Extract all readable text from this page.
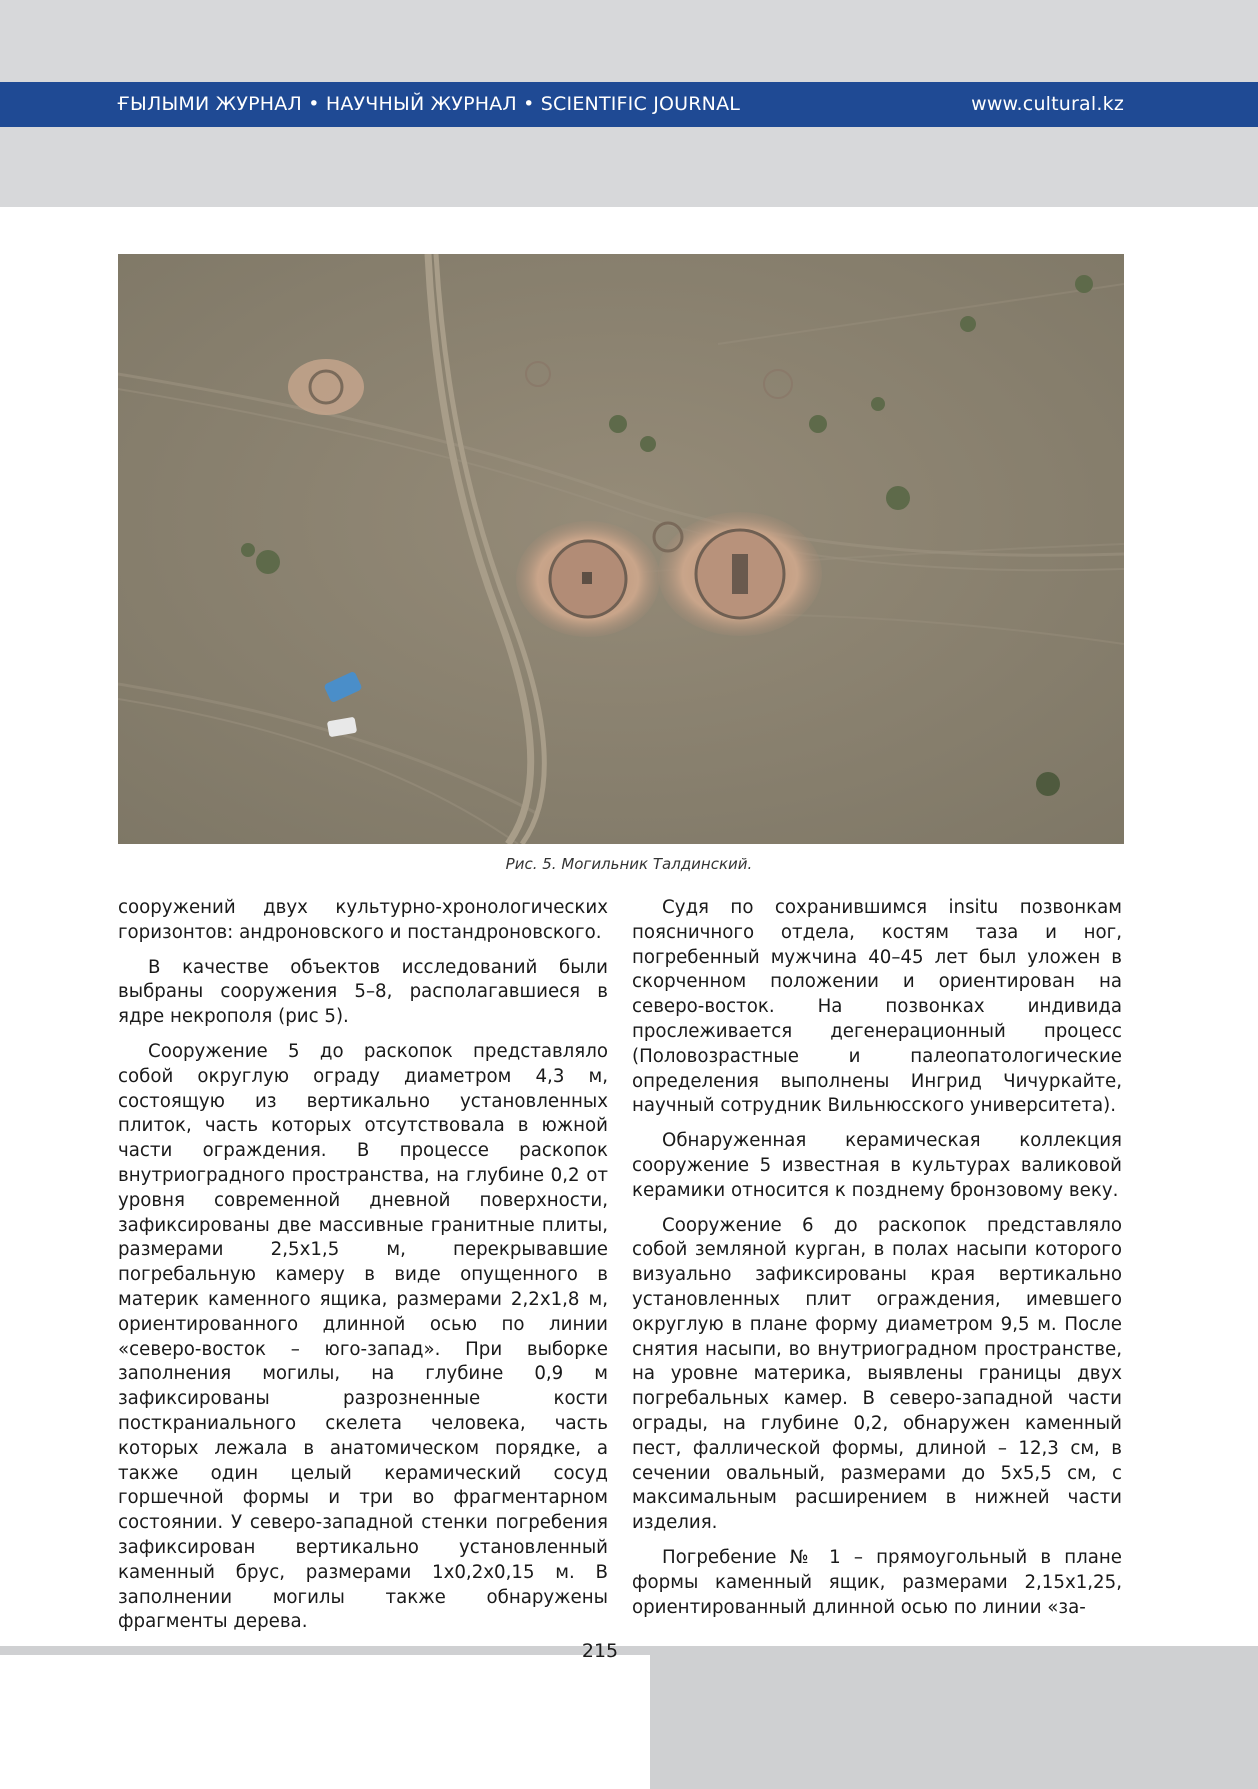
ҒЫЛЫМИ ЖУРНАЛ • НАУЧНЫЙ ЖУРНАЛ • SCIENTIFIC JOURNAL	www.cultural.kz
Рис. 5. Могильник Талдинский.

сооружений двух культурно-хронологических горизонтов: андроновского и постандроновского.

В качестве объектов исследований были выбраны сооружения 5–8, располагавшиеся в ядре некрополя (рис 5).

Сооружение 5 до раскопок представляло собой округлую ограду диаметром 4,3 м, состоящую из вертикально установленных плиток, часть которых отсутствовала в южной части ограждения. В процессе раскопок внутриоградного пространства, на глубине 0,2 от уровня современной дневной поверхности, зафиксированы две массивные гранитные плиты, размерами 2,5х1,5 м, перекрывавшие погребальную камеру в виде опущенного в материк каменного ящика, размерами 2,2х1,8 м, ориентированного длинной осью по линии «северо-восток – юго-запад». При выборке заполнения могилы, на глубине 0,9 м зафиксированы разрозненные кости посткраниального скелета человека, часть которых лежала в анатомическом порядке, а также один целый керамический сосуд горшечной формы и три во фрагментарном состоянии. У северо-западной стенки погребения зафиксирован вертикально установленный каменный брус, размерами 1х0,2х0,15 м. В заполнении могилы также обнаружены фрагменты дерева.

Судя по сохранившимся insitu позвонкам поясничного отдела, костям таза и ног, погребенный мужчина 40–45 лет был уложен в скорченном положении и ориентирован на северо-восток. На позвонках индивида прослеживается дегенерационный процесс (Половозрастные и палеопатологические определения выполнены Ингрид Чичуркайте, научный сотрудник Вильнюсского университета).

Обнаруженная керамическая коллекция сооружение 5 известная в культурах валиковой керамики относится к позднему бронзовому веку.

Сооружение 6 до раскопок представляло собой земляной курган, в полах насыпи которого визуально зафиксированы края вертикально установленных плит ограждения, имевшего округлую в плане форму диаметром 9,5 м. После снятия насыпи, во внутриоградном пространстве, на уровне материка, выявлены границы двух погребальных камер. В северо-западной части ограды, на глубине 0,2, обнаружен каменный пест, фаллической формы, длиной – 12,3 см, в сечении овальный, размерами до 5х5,5 см, с максимальным расширением в нижней части изделия.

Погребение № 1 – прямоугольный в плане формы каменный ящик, размерами 2,15х1,25, ориентированный длинной осью по линии «за-

215
